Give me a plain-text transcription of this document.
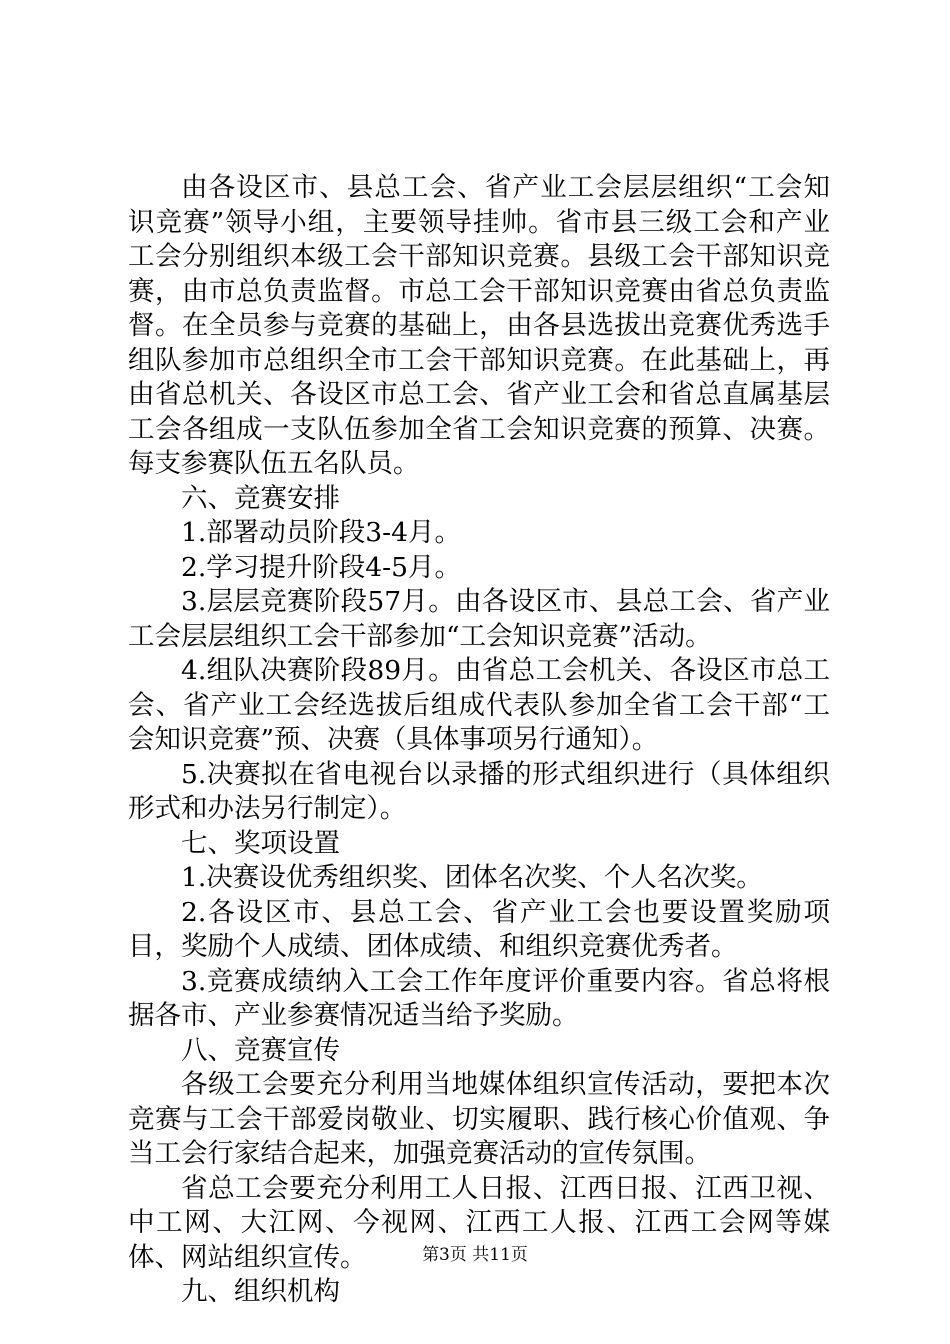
由各设区市、县总工会、省产业工会层层组织“工会知识竞赛”领导小组，主要领导挂帅。省市县三级工会和产业工会分别组织本级工会干部知识竞赛。县级工会干部知识竞赛，由市总负责监督。市总工会干部知识竞赛由省总负责监督。在全员参与竞赛的基础上，由各县选拔出竞赛优秀选手组队参加市总组织全市工会干部知识竞赛。在此基础上，再由省总机关、各设区市总工会、省产业工会和省总直属基层工会各组成一支队伍参加全省工会知识竞赛的预算、决赛。每支参赛队伍五名队员。

六、竞赛安排

1.部署动员阶段3-4月。

2.学习提升阶段4-5月。

3.层层竞赛阶段57月。由各设区市、县总工会、省产业工会层层组织工会干部参加“工会知识竞赛”活动。

4.组队决赛阶段89月。由省总工会机关、各设区市总工会、省产业工会经选拔后组成代表队参加全省工会干部“工会知识竞赛”预、决赛（具体事项另行通知）。

5.决赛拟在省电视台以录播的形式组织进行（具体组织形式和办法另行制定）。

七、奖项设置

1.决赛设优秀组织奖、团体名次奖、个人名次奖。

2.各设区市、县总工会、省产业工会也要设置奖励项目，奖励个人成绩、团体成绩、和组织竞赛优秀者。

3.竞赛成绩纳入工会工作年度评价重要内容。省总将根据各市、产业参赛情况适当给予奖励。

八、竞赛宣传

各级工会要充分利用当地媒体组织宣传活动，要把本次竞赛与工会干部爱岗敬业、切实履职、践行核心价值观、争当工会行家结合起来，加强竞赛活动的宣传氛围。

省总工会要充分利用工人日报、江西日报、江西卫视、中工网、大江网、今视网、江西工人报、江西工会网等媒体、网站组织宣传。

九、组织机构

第3页 共11页
